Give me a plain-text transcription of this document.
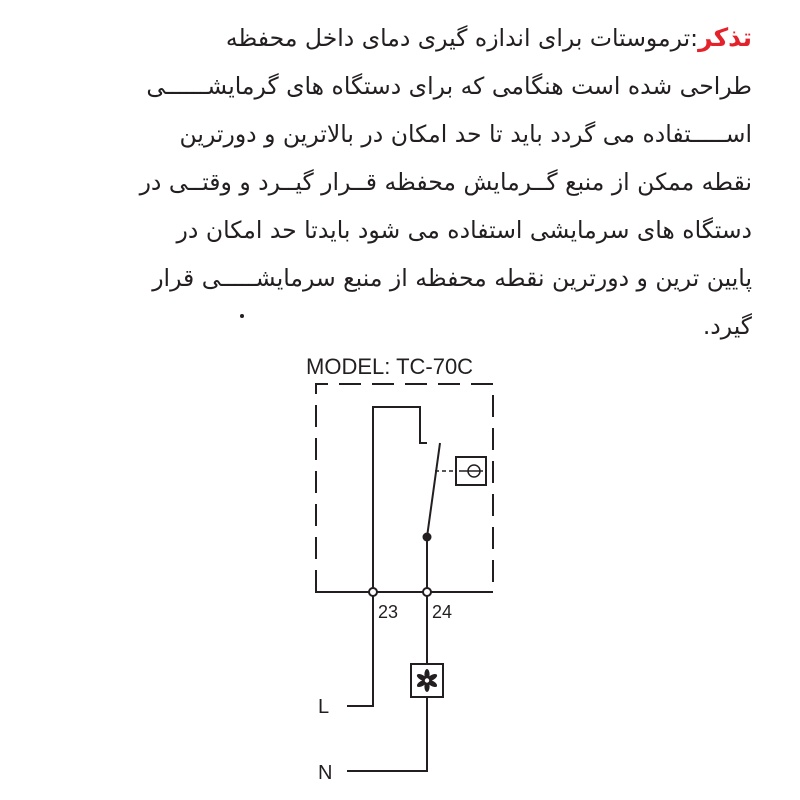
تذکر:ترموستات برای اندازه گیری دمای داخل محفظه
طراحی شده است هنگامی که برای دستگاه های گرمایشــــــی
اســـــتفاده می گردد باید تا حد امکان در بالاترین و دورترین
نقطه ممکن از منبع گــرمایش محفظه قــرار گیــرد و وقتــی در
دستگاه های سرمایشی استفاده می شود بایدتا حد امکان در
پایین ترین و دورترین نقطه محفظه از منبع سرمایشـــــی قرار
گیرد.
MODEL: TC-70C
23 24
L
N
